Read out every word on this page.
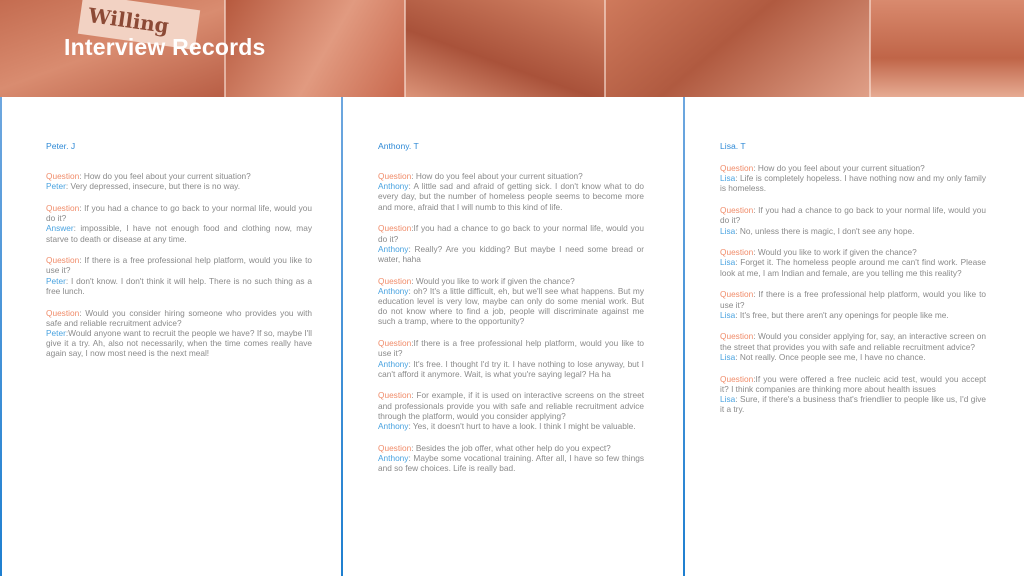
Willing
Interview Records
Peter. J
Question: How do you feel about your current situation?
Peter: Very depressed, insecure, but there is no way.
Question: If you had a chance to go back to your normal life, would you do it?
Answer: impossible, I have not enough food and clothing now, may starve to death or disease at any time.
Question: If there is a free professional help platform, would you like to use it?
Peter: I don't know. I don't think it will help. There is no such thing as a free lunch.
Question: Would you consider hiring someone who provides you with safe and reliable recruitment advice?
Peter:Would anyone want to recruit the people we have? If so, maybe I'll give it a try. Ah, also not necessarily, when the time comes really have again say, I now most need is the next meal!
Anthony. T
Question: How do you feel about your current situation?
Anthony: A little sad and afraid of getting sick. I don't know what to do every day, but the number of homeless people seems to become more and more, afraid that I will numb to this kind of life.
Question:If you had a chance to go back to your normal life, would you do it?
Anthony: Really? Are you kidding? But maybe I need some bread or water, haha
Question: Would you like to work if given the chance?
Anthony: oh? It's a little difficult, eh, but we'll see what happens. But my education level is very low, maybe can only do some menial work. But do not know where to find a job, people will discriminate against me such a tramp, where to the opportunity?
Question:If there is a free professional help platform, would you like to use it?
Anthony: It's free. I thought I'd try it. I have nothing to lose anyway, but I can't afford it anymore. Wait, is what you're saying legal? Ha ha
Question: For example, if it is used on interactive screens on the street and professionals provide you with safe and reliable recruitment advice through the platform, would you consider applying?
Anthony: Yes, it doesn't hurt to have a look. I think I might be valuable.
Question: Besides the job offer, what other help do you expect?
Anthony: Maybe some vocational training. After all, I have so few things and so few choices. Life is really bad.
Lisa. T
Question: How do you feel about your current situation?
Lisa: Life is completely hopeless. I have nothing now and my only family is homeless.
Question: If you had a chance to go back to your normal life, would you do it?
Lisa: No, unless there is magic, I don't see any hope.
Question: Would you like to work if given the chance?
Lisa: Forget it. The homeless people around me can't find work. Please look at me, I am Indian and female, are you telling me this reality?
Question: If there is a free professional help platform, would you like to use it?
Lisa: It's free, but there aren't any openings for people like me.
Question: Would you consider applying for, say, an interactive screen on the street that provides you with safe and reliable recruitment advice?
Lisa: Not really. Once people see me, I have no chance.
Question:If you were offered a free nucleic acid test, would you accept it? I think companies are thinking more about health issues
Lisa: Sure, if there's a business that's friendlier to people like us, I'd give it a try.
